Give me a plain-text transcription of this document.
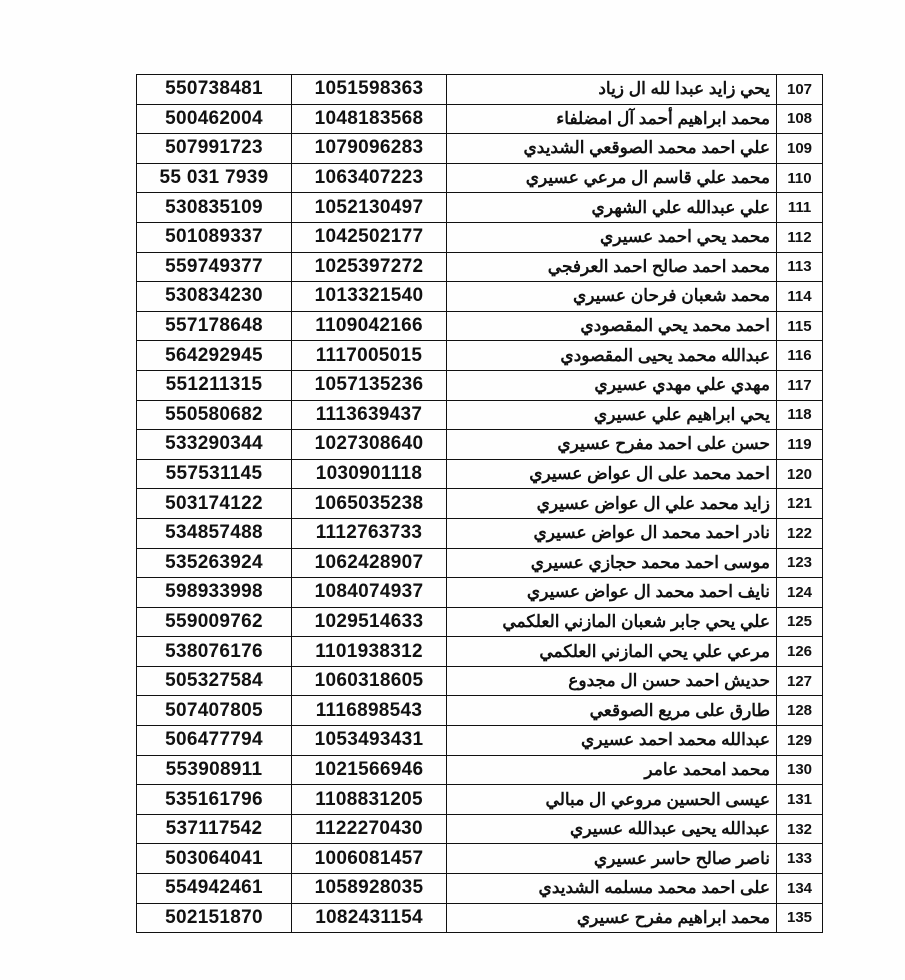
550738481	1051598363	يحي زايد عبدا لله ال زياد	107
500462004	1048183568	محمد ابراهيم أحمد آل امضلفاء	108
507991723	1079096283	علي احمد محمد الصوقعي الشديدي	109
55 031 7939	1063407223	محمد علي قاسم ال مرعي عسيري	110
530835109	1052130497	علي عبدالله علي الشهري	111
501089337	1042502177	محمد يحي احمد عسيري	112
559749377	1025397272	محمد احمد صالح احمد العرفجي	113
530834230	1013321540	محمد شعبان فرحان عسيري	114
557178648	1109042166	احمد محمد يحي المقصودي	115
564292945	1117005015	عبدالله محمد يحيى المقصودي	116
551211315	1057135236	مهدي علي مهدي عسيري	117
550580682	1113639437	يحي ابراهيم علي عسيري	118
533290344	1027308640	حسن على احمد مفرح عسيري	119
557531145	1030901118	احمد محمد على ال عواض عسيري	120
503174122	1065035238	زايد محمد علي ال عواض عسيري	121
534857488	1112763733	نادر احمد محمد ال عواض عسيري	122
535263924	1062428907	موسى احمد محمد حجازي عسيري	123
598933998	1084074937	نايف احمد محمد ال عواض عسيري	124
559009762	1029514633	علي يحي جابر شعبان المازني العلكمي	125
538076176	1101938312	مرعي علي يحي المازني العلكمي	126
505327584	1060318605	حديش احمد حسن ال مجدوع	127
507407805	1116898543	طارق على مريع الصوقعي	128
506477794	1053493431	عبدالله محمد احمد عسيري	129
553908911	1021566946	محمد امحمد عامر	130
535161796	1108831205	عيسى الحسين مروعي ال مبالي	131
537117542	1122270430	عبدالله يحيى عبدالله عسيري	132
503064041	1006081457	ناصر صالح حاسر عسيري	133
554942461	1058928035	على احمد محمد مسلمه الشديدي	134
502151870	1082431154	محمد ابراهيم مفرح عسيري	135
